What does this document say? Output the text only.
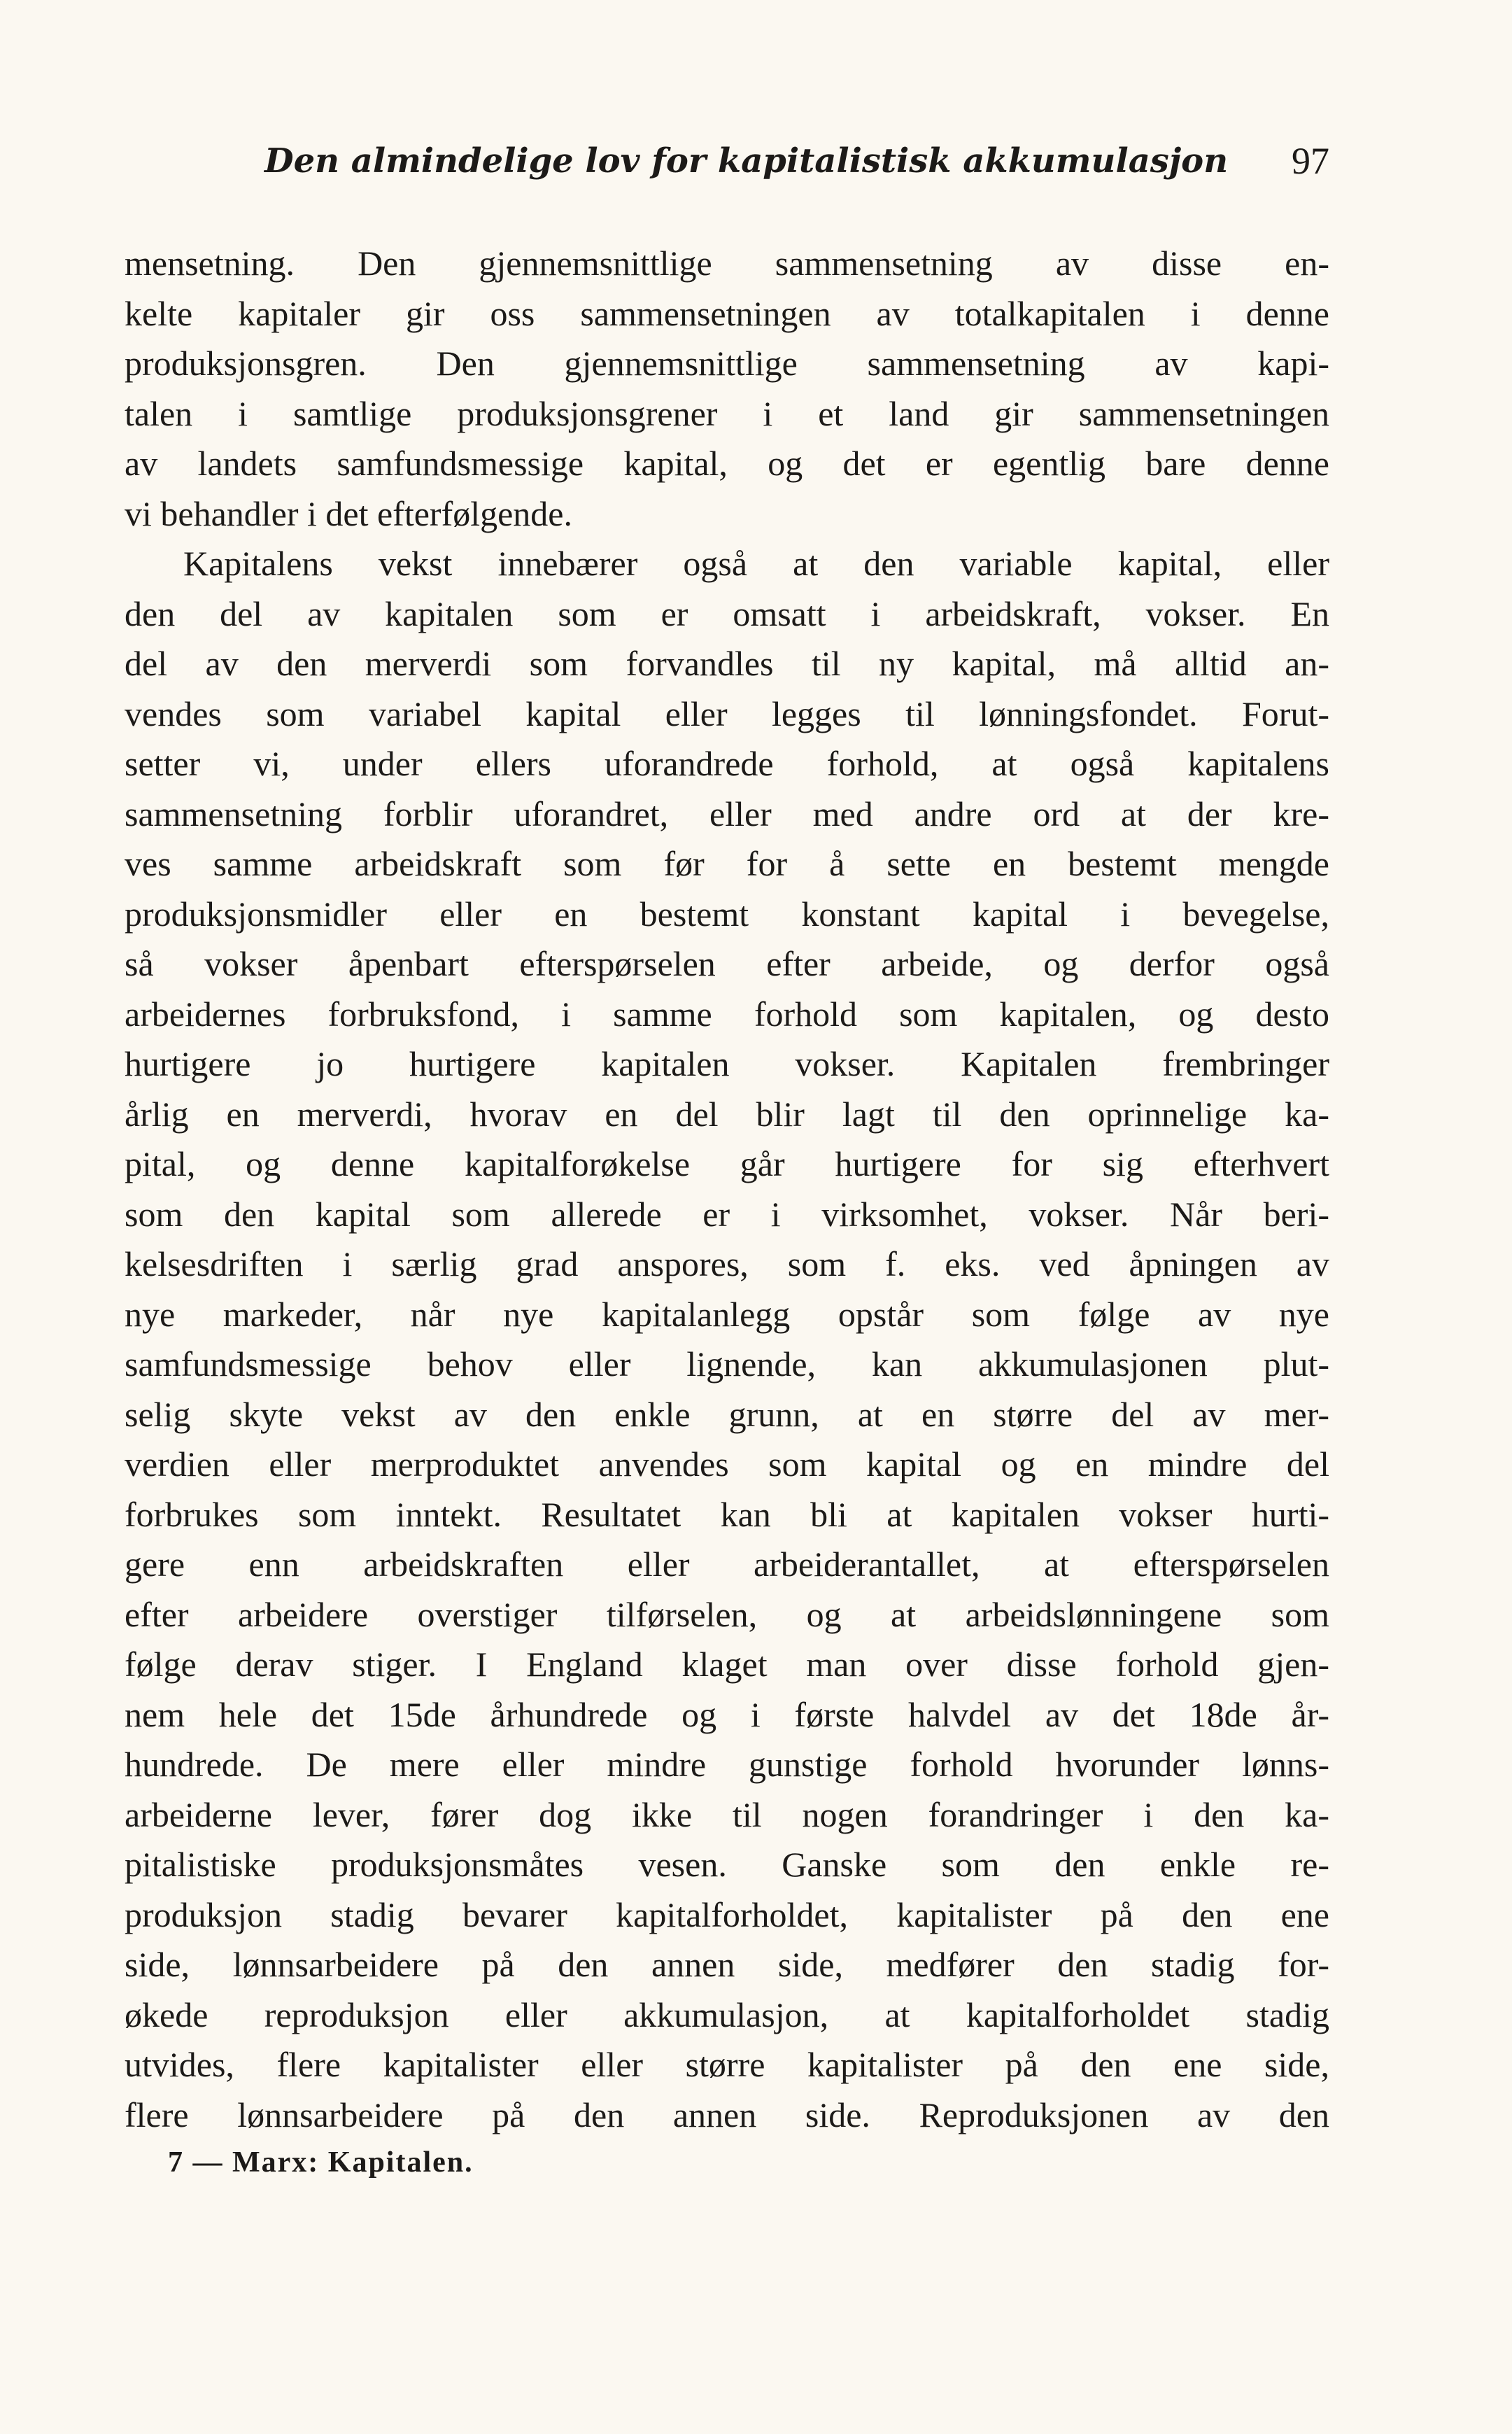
Den almindelige lov for kapitalistisk akkumulasjon 97
mensetning. Den gjennemsnittlige sammensetning av disse en-
kelte kapitaler gir oss sammensetningen av totalkapitalen i denne
produksjonsgren. Den gjennemsnittlige sammensetning av kapi-
talen i samtlige produksjonsgrener i et land gir sammensetningen
av landets samfundsmessige kapital, og det er egentlig bare denne
vi behandler i det efterfølgende.
Kapitalens vekst innebærer også at den variable kapital, eller
den del av kapitalen som er omsatt i arbeidskraft, vokser. En
del av den merverdi som forvandles til ny kapital, må alltid an-
vendes som variabel kapital eller legges til lønningsfondet. Forut-
setter vi, under ellers uforandrede forhold, at også kapitalens
sammensetning forblir uforandret, eller med andre ord at der kre-
ves samme arbeidskraft som før for å sette en bestemt mengde
produksjonsmidler eller en bestemt konstant kapital i bevegelse,
så vokser åpenbart efterspørselen efter arbeide, og derfor også
arbeidernes forbruksfond, i samme forhold som kapitalen, og desto
hurtigere jo hurtigere kapitalen vokser. Kapitalen frembringer
årlig en merverdi, hvorav en del blir lagt til den oprinnelige ka-
pital, og denne kapitalforøkelse går hurtigere for sig efterhvert
som den kapital som allerede er i virksomhet, vokser. Når beri-
kelsesdriften i særlig grad anspores, som f. eks. ved åpningen av
nye markeder, når nye kapitalanlegg opstår som følge av nye
samfundsmessige behov eller lignende, kan akkumulasjonen plut-
selig skyte vekst av den enkle grunn, at en større del av mer-
verdien eller merproduktet anvendes som kapital og en mindre del
forbrukes som inntekt. Resultatet kan bli at kapitalen vokser hurti-
gere enn arbeidskraften eller arbeiderantallet, at efterspørselen
efter arbeidere overstiger tilførselen, og at arbeidslønningene som
følge derav stiger. I England klaget man over disse forhold gjen-
nem hele det 15de århundrede og i første halvdel av det 18de år-
hundrede. De mere eller mindre gunstige forhold hvorunder lønns-
arbeiderne lever, fører dog ikke til nogen forandringer i den ka-
pitalistiske produksjonsmåtes vesen. Ganske som den enkle re-
produksjon stadig bevarer kapitalforholdet, kapitalister på den ene
side, lønnsarbeidere på den annen side, medfører den stadig for-
økede reproduksjon eller akkumulasjon, at kapitalforholdet stadig
utvides, flere kapitalister eller større kapitalister på den ene side,
flere lønnsarbeidere på den annen side. Reproduksjonen av den
7 — Marx: Kapitalen.
